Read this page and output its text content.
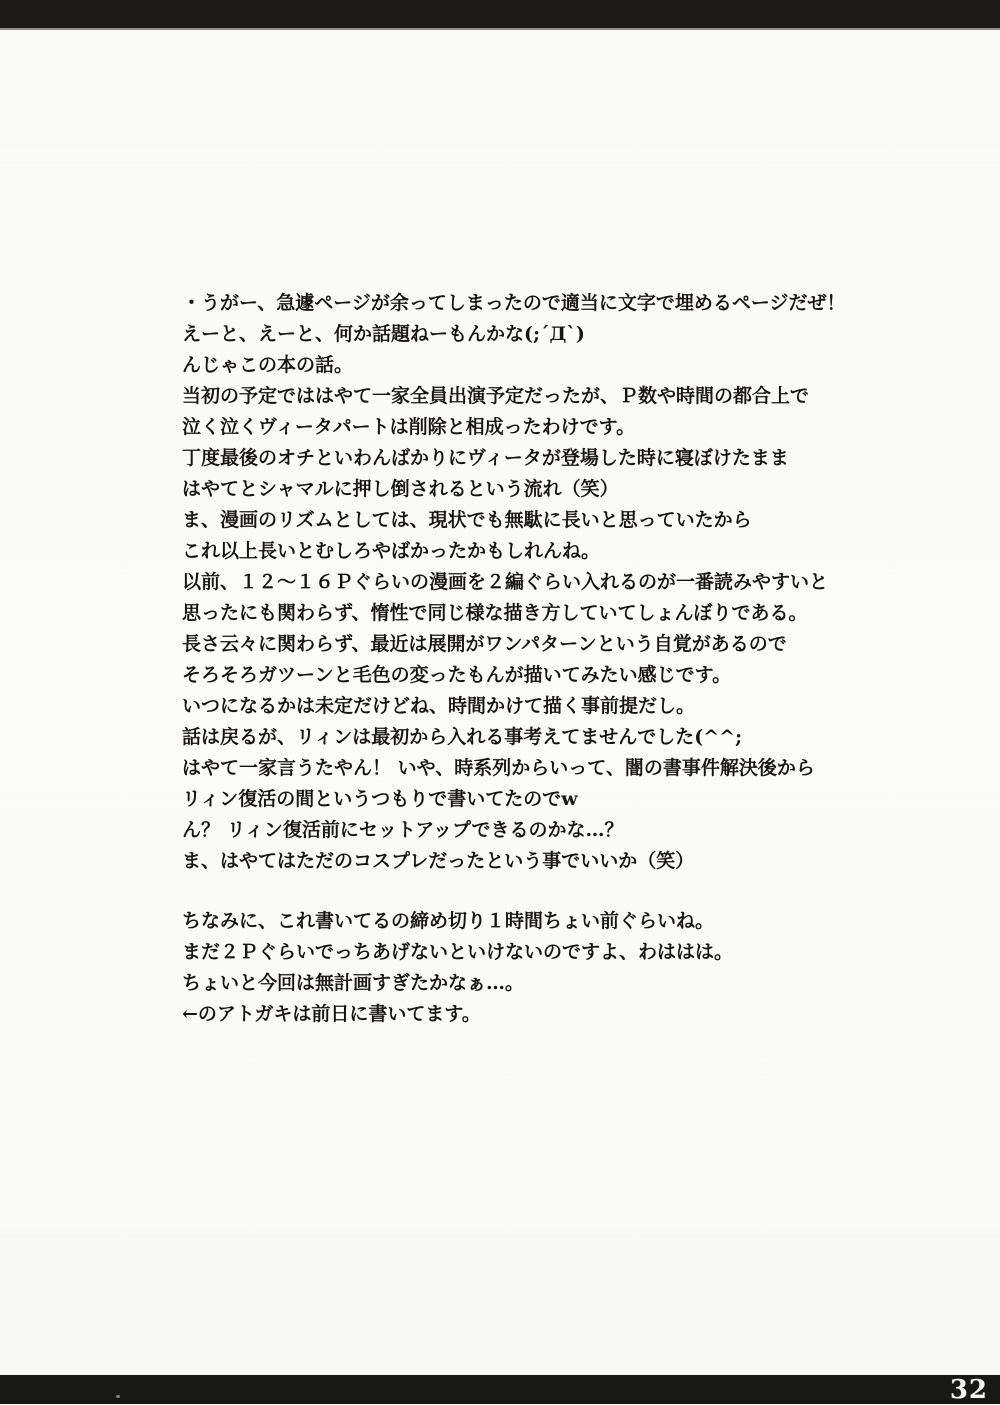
・うがー、急遽ページが余ってしまったので適当に文字で埋めるページだぜ！
えーと、えーと、何か話題ねーもんかな(;´Д`)
んじゃこの本の話。
当初の予定でははやて一家全員出演予定だったが、Ｐ数や時間の都合上で
泣く泣くヴィータパートは削除と相成ったわけです。
丁度最後のオチといわんばかりにヴィータが登場した時に寝ぼけたまま
はやてとシャマルに押し倒されるという流れ（笑）
ま、漫画のリズムとしては、現状でも無駄に長いと思っていたから
これ以上長いとむしろやばかったかもしれんね。
以前、１２～１６Ｐぐらいの漫画を２編ぐらい入れるのが一番読みやすいと
思ったにも関わらず、惰性で同じ様な描き方していてしょんぼりである。
長さ云々に関わらず、最近は展開がワンパターンという自覚があるので
そろそろガツーンと毛色の変ったもんが描いてみたい感じです。
いつになるかは未定だけどね、時間かけて描く事前提だし。
話は戻るが、リィンは最初から入れる事考えてませんでした(^^;
はやて一家言うたやん！ いや、時系列からいって、闇の書事件解決後から
リィン復活の間というつもりで書いてたのでw
ん？ リィン復活前にセットアップできるのかな…？
ま、はやてはただのコスプレだったという事でいいか（笑）
ちなみに、これ書いてるの締め切り１時間ちょい前ぐらいね。
まだ２Ｐぐらいでっちあげないといけないのですよ、わははは。
ちょいと今回は無計画すぎたかなぁ…。
←のアトガキは前日に書いてます。
32
